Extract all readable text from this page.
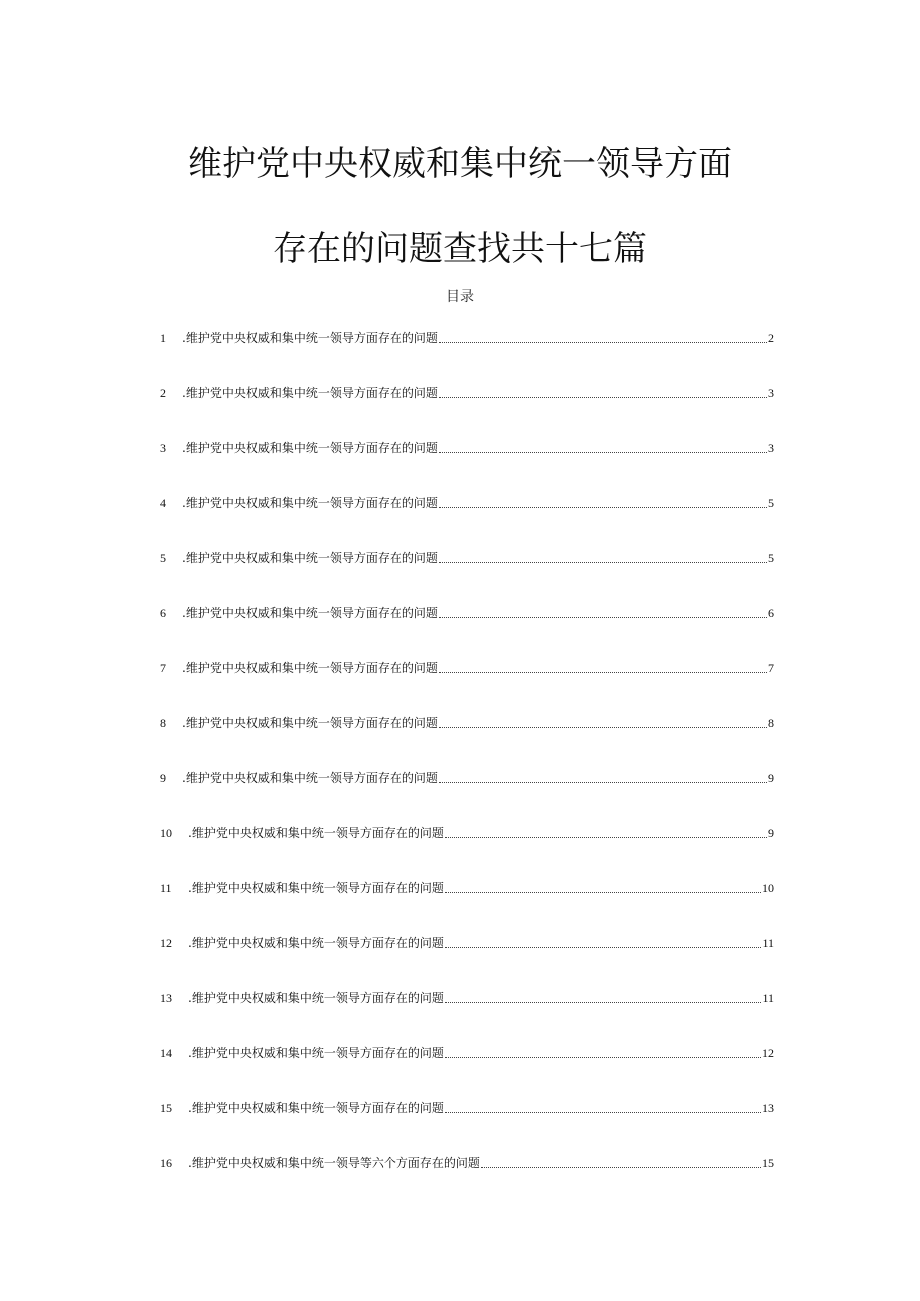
维护党中央权威和集中统一领导方面
存在的问题查找共十七篇
目录
1	.维护党中央权威和集中统一领导方面存在的问题	2
2	.维护党中央权威和集中统一领导方面存在的问题	3
3	.维护党中央权威和集中统一领导方面存在的问题	3
4	.维护党中央权威和集中统一领导方面存在的问题	5
5	.维护党中央权威和集中统一领导方面存在的问题	5
6	.维护党中央权威和集中统一领导方面存在的问题	6
7	.维护党中央权威和集中统一领导方面存在的问题	7
8	.维护党中央权威和集中统一领导方面存在的问题	8
9	.维护党中央权威和集中统一领导方面存在的问题	9
10	.维护党中央权威和集中统一领导方面存在的问题	9
11	.维护党中央权威和集中统一领导方面存在的问题	10
12	.维护党中央权威和集中统一领导方面存在的问题	11
13	.维护党中央权威和集中统一领导方面存在的问题	11
14	.维护党中央权威和集中统一领导方面存在的问题	12
15	.维护党中央权威和集中统一领导方面存在的问题	13
16	.维护党中央权威和集中统一领导等六个方面存在的问题	15
